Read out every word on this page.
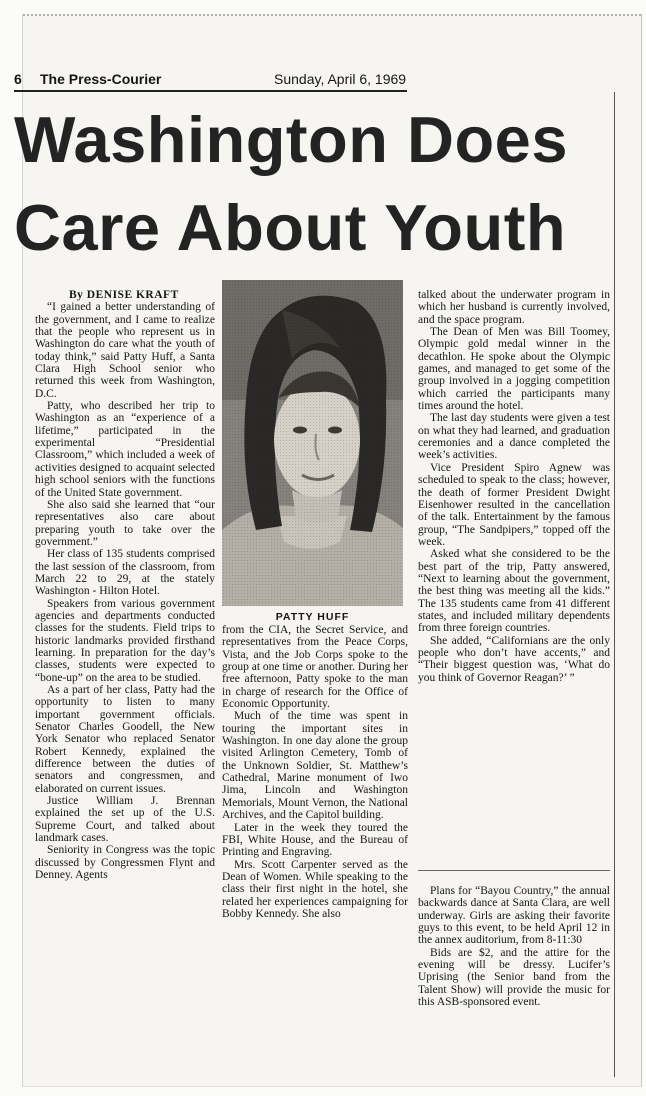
6 The Press-Courier	Sunday, April 6, 1969
Washington Does
Care About Youth

By DENISE KRAFT

“I gained a better understanding of the government, and I came to realize that the people who represent us in Washington do care what the youth of today think,” said Patty Huff, a Santa Clara High School senior who returned this week from Washington, D.C.

Patty, who described her trip to Washington as an “experience of a lifetime,” participated in the experimental “Presidential Classroom,” which included a week of activities designed to acquaint selected high school seniors with the functions of the United State government.

She also said she learned that “our representatives also care about preparing youth to take over the government.”

Her class of 135 students comprised the last session of the classroom, from March 22 to 29, at the stately Washington - Hilton Hotel.

Speakers from various government agencies and departments conducted classes for the students. Field trips to historic landmarks provided firsthand learning. In preparation for the day’s classes, students were expected to “bone-up” on the area to be studied.

As a part of her class, Patty had the opportunity to listen to many important government officials. Senator Charles Goodell, the New York Senator who replaced Senator Robert Kennedy, explained the difference between the duties of senators and congressmen, and elaborated on current issues.

Justice William J. Brennan explained the set up of the U.S. Supreme Court, and talked about landmark cases.

Seniority in Congress was the topic discussed by Congressmen Flynt and Denney. Agents

PATTY HUFF

from the CIA, the Secret Service, and representatives from the Peace Corps, Vista, and the Job Corps spoke to the group at one time or another. During her free afternoon, Patty spoke to the man in charge of research for the Office of Economic Opportunity.

Much of the time was spent in touring the important sites in Washington. In one day alone the group visited Arlington Cemetery, Tomb of the Unknown Soldier, St. Matthew’s Cathedral, Marine monument of Iwo Jima, Lincoln and Washington Memorials, Mount Vernon, the National Archives, and the Capitol building.

Later in the week they toured the FBI, White House, and the Bureau of Printing and Engraving.

Mrs. Scott Carpenter served as the Dean of Women. While speaking to the class their first night in the hotel, she related her experiences campaigning for Bobby Kennedy. She also

talked about the underwater program in which her husband is currently involved, and the space program.

The Dean of Men was Bill Toomey, Olympic gold medal winner in the decathlon. He spoke about the Olympic games, and managed to get some of the group involved in a jogging competition which carried the participants many times around the hotel.

The last day students were given a test on what they had learned, and graduation ceremonies and a dance completed the week’s activities.

Vice President Spiro Agnew was scheduled to speak to the class; however, the death of former President Dwight Eisenhower resulted in the cancellation of the talk. Entertainment by the famous group, “The Sandpipers,” topped off the week.

Asked what she considered to be the best part of the trip, Patty answered, “Next to learning about the government, the best thing was meeting all the kids.” The 135 students came from 41 different states, and included military dependents from three foreign countries.

She added, “Californians are the only people who don’t have accents,” and “Their biggest question was, ‘What do you think of Governor Reagan?’ ”

Plans for “Bayou Country,” the annual backwards dance at Santa Clara, are well underway. Girls are asking their favorite guys to this event, to be held April 12 in the annex auditorium, from 8-11:30

Bids are $2, and the attire for the evening will be dressy. Lucifer’s Uprising (the Senior band from the Talent Show) will provide the music for this ASB-sponsored event.
